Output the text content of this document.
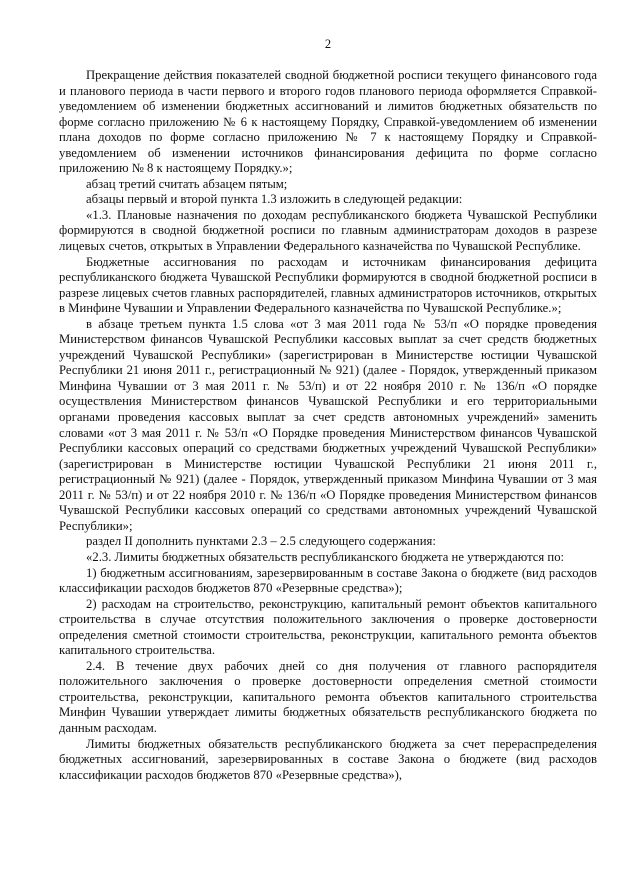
2

Прекращение действия показателей сводной бюджетной росписи текущего финансового года и планового периода в части первого и второго годов планового периода оформляется Справкой-уведомлением об изменении бюджетных ассигнований и лимитов бюджетных обязательств по форме согласно приложению № 6 к настоящему Порядку, Справкой-уведомлением об изменении плана доходов по форме согласно приложению № 7 к настоящему Порядку и Справкой-уведомлением об изменении источников финансирования дефицита по форме согласно приложению № 8 к настоящему Порядку.»;

абзац третий считать абзацем пятым;

абзацы первый и второй пункта 1.3 изложить в следующей редакции:

«1.3. Плановые назначения по доходам республиканского бюджета Чувашской Республики формируются в сводной бюджетной росписи по главным администраторам доходов в разрезе лицевых счетов, открытых в Управлении Федерального казначейства по Чувашской Республике.

Бюджетные ассигнования по расходам и источникам финансирования дефицита республиканского бюджета Чувашской Республики формируются в сводной бюджетной росписи в разрезе лицевых счетов главных распорядителей, главных администраторов источников, открытых в Минфине Чувашии и Управлении Федерального казначейства по Чувашской Республике.»;

в абзаце третьем пункта 1.5 слова «от 3 мая 2011 года № 53/п «О порядке проведения Министерством финансов Чувашской Республики кассовых выплат за счет средств бюджетных учреждений Чувашской Республики» (зарегистрирован в Министерстве юстиции Чувашской Республики 21 июня 2011 г., регистрационный № 921) (далее - Порядок, утвержденный приказом Минфина Чувашии от 3 мая 2011 г. № 53/п) и от 22 ноября 2010 г. № 136/п «О порядке осуществления Министерством финансов Чувашской Республики и его территориальными органами проведения кассовых выплат за счет средств автономных учреждений» заменить словами «от 3 мая 2011 г. № 53/п «О Порядке проведения Министерством финансов Чувашской Республики кассовых операций со средствами бюджетных учреждений Чувашской Республики» (зарегистрирован в Министерстве юстиции Чувашской Республики 21 июня 2011 г., регистрационный № 921) (далее - Порядок, утвержденный приказом Минфина Чувашии от 3 мая 2011 г. № 53/п) и от 22 ноября 2010 г. № 136/п «О Порядке проведения Министерством финансов Чувашской Республики кассовых операций со средствами автономных учреждений Чувашской Республики»;

раздел II дополнить пунктами 2.3 – 2.5 следующего содержания:

«2.3. Лимиты бюджетных обязательств республиканского бюджета не утверждаются по:

1) бюджетным ассигнованиям, зарезервированным в составе Закона о бюджете (вид расходов классификации расходов бюджетов 870 «Резервные средства»);

2) расходам на строительство, реконструкцию, капитальный ремонт объектов капитального строительства в случае отсутствия положительного заключения о проверке достоверности определения сметной стоимости строительства, реконструкции, капитального ремонта объектов капитального строительства.

2.4. В течение двух рабочих дней со дня получения от главного распорядителя положительного заключения о проверке достоверности определения сметной стоимости строительства, реконструкции, капитального ремонта объектов капитального строительства Минфин Чувашии утверждает лимиты бюджетных обязательств республиканского бюджета по данным расходам.

Лимиты бюджетных обязательств республиканского бюджета за счет перераспределения бюджетных ассигнований, зарезервированных в составе Закона о бюджете (вид расходов классификации расходов бюджетов 870 «Резервные средства»),
